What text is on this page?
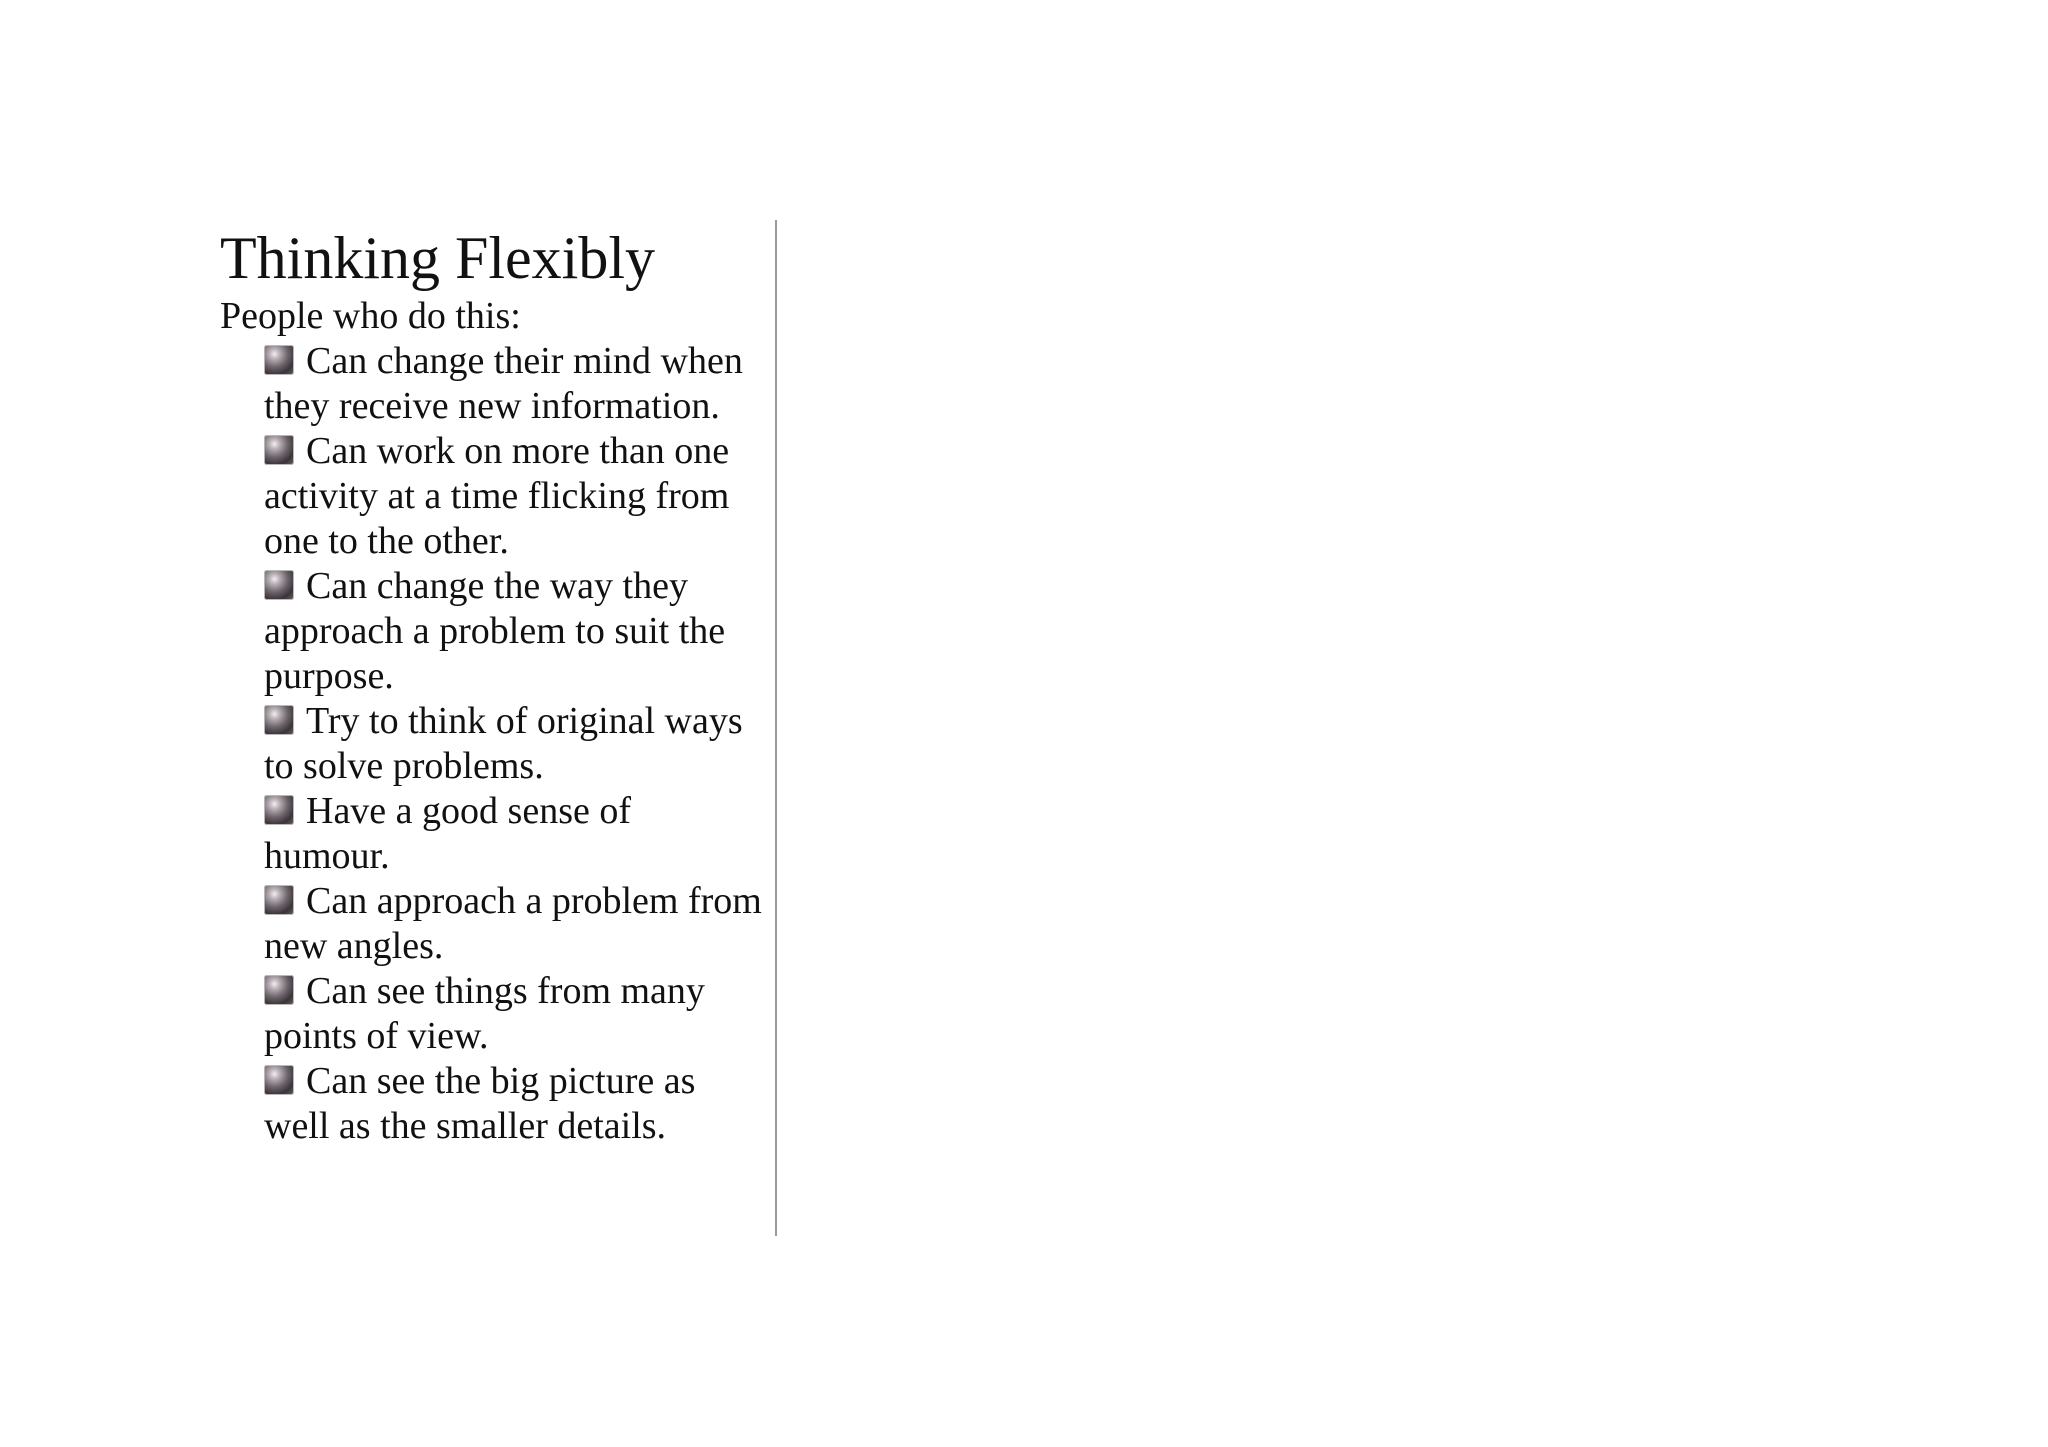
Thinking Flexibly

People who do this:

Can change their mind when they receive new information.
Can work on more than one activity at a time flicking from one to the other.
Can change the way they approach a problem to suit the purpose.
Try to think of original ways to solve problems.
Have a good sense of humour.
Can approach a problem from new angles.
Can see things from many points of view.
Can see the big picture as well as the smaller details.
